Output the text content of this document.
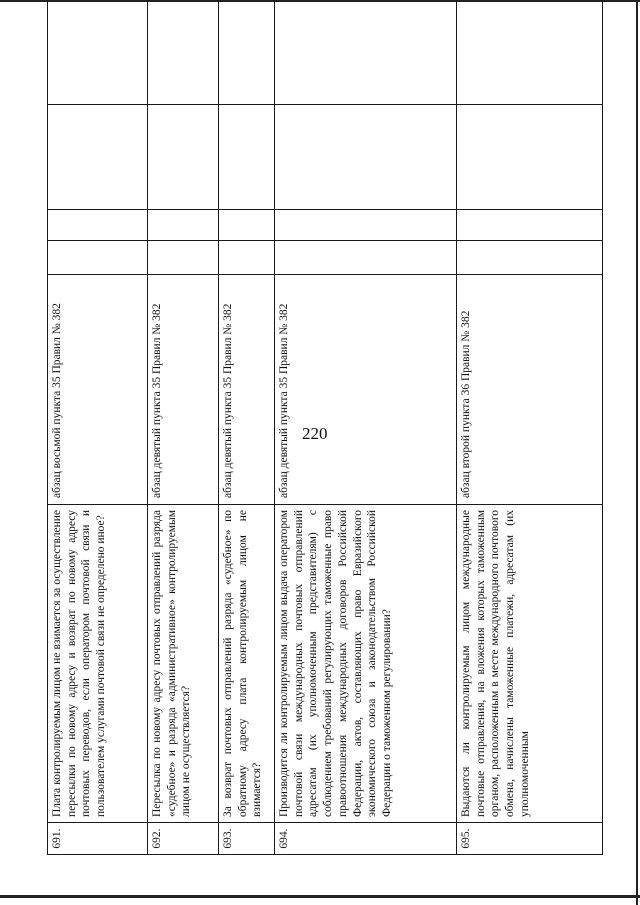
220
691.	Плата контролируемым лицом не взимается за осуществление пересылки по новому адресу и возврат по новому адресу почтовых переводов, если оператором почтовой связи и пользователем услугами почтовой связи не определено иное?	абзац восьмой пункта 35 Правил № 382				
692.	Пересылка по новому адресу почтовых отправлений разряда «судебное» и разряда «административное» контролируемым лицом не осуществляется?	абзац девятый пункта 35 Правил № 382				
693.	За возврат почтовых отправлений разряда «судебное» по обратному адресу плата контролируемым лицом не взимается?	абзац девятый пункта 35 Правил № 382				
694.	Производится ли контролируемым лицом выдача оператором почтовой связи международных почтовых отправлений адресатам (их уполномоченным представителям) с соблюдением требований регулирующих таможенные право правоотношения международных договоров Российской Федерации, актов, составляющих право Евразийского экономического союза и законодательством Российской Федерации о таможенном регулировании?	абзац девятый пункта 35 Правил № 382				
695.	Выдаются ли контролируемым лицом международные почтовые отправления, на вложения которых таможенным органом, расположенным в месте международного почтового обмена, начислены таможенные платежи, адресатам (их уполномоченным	абзац второй пункта 36 Правил № 382				
